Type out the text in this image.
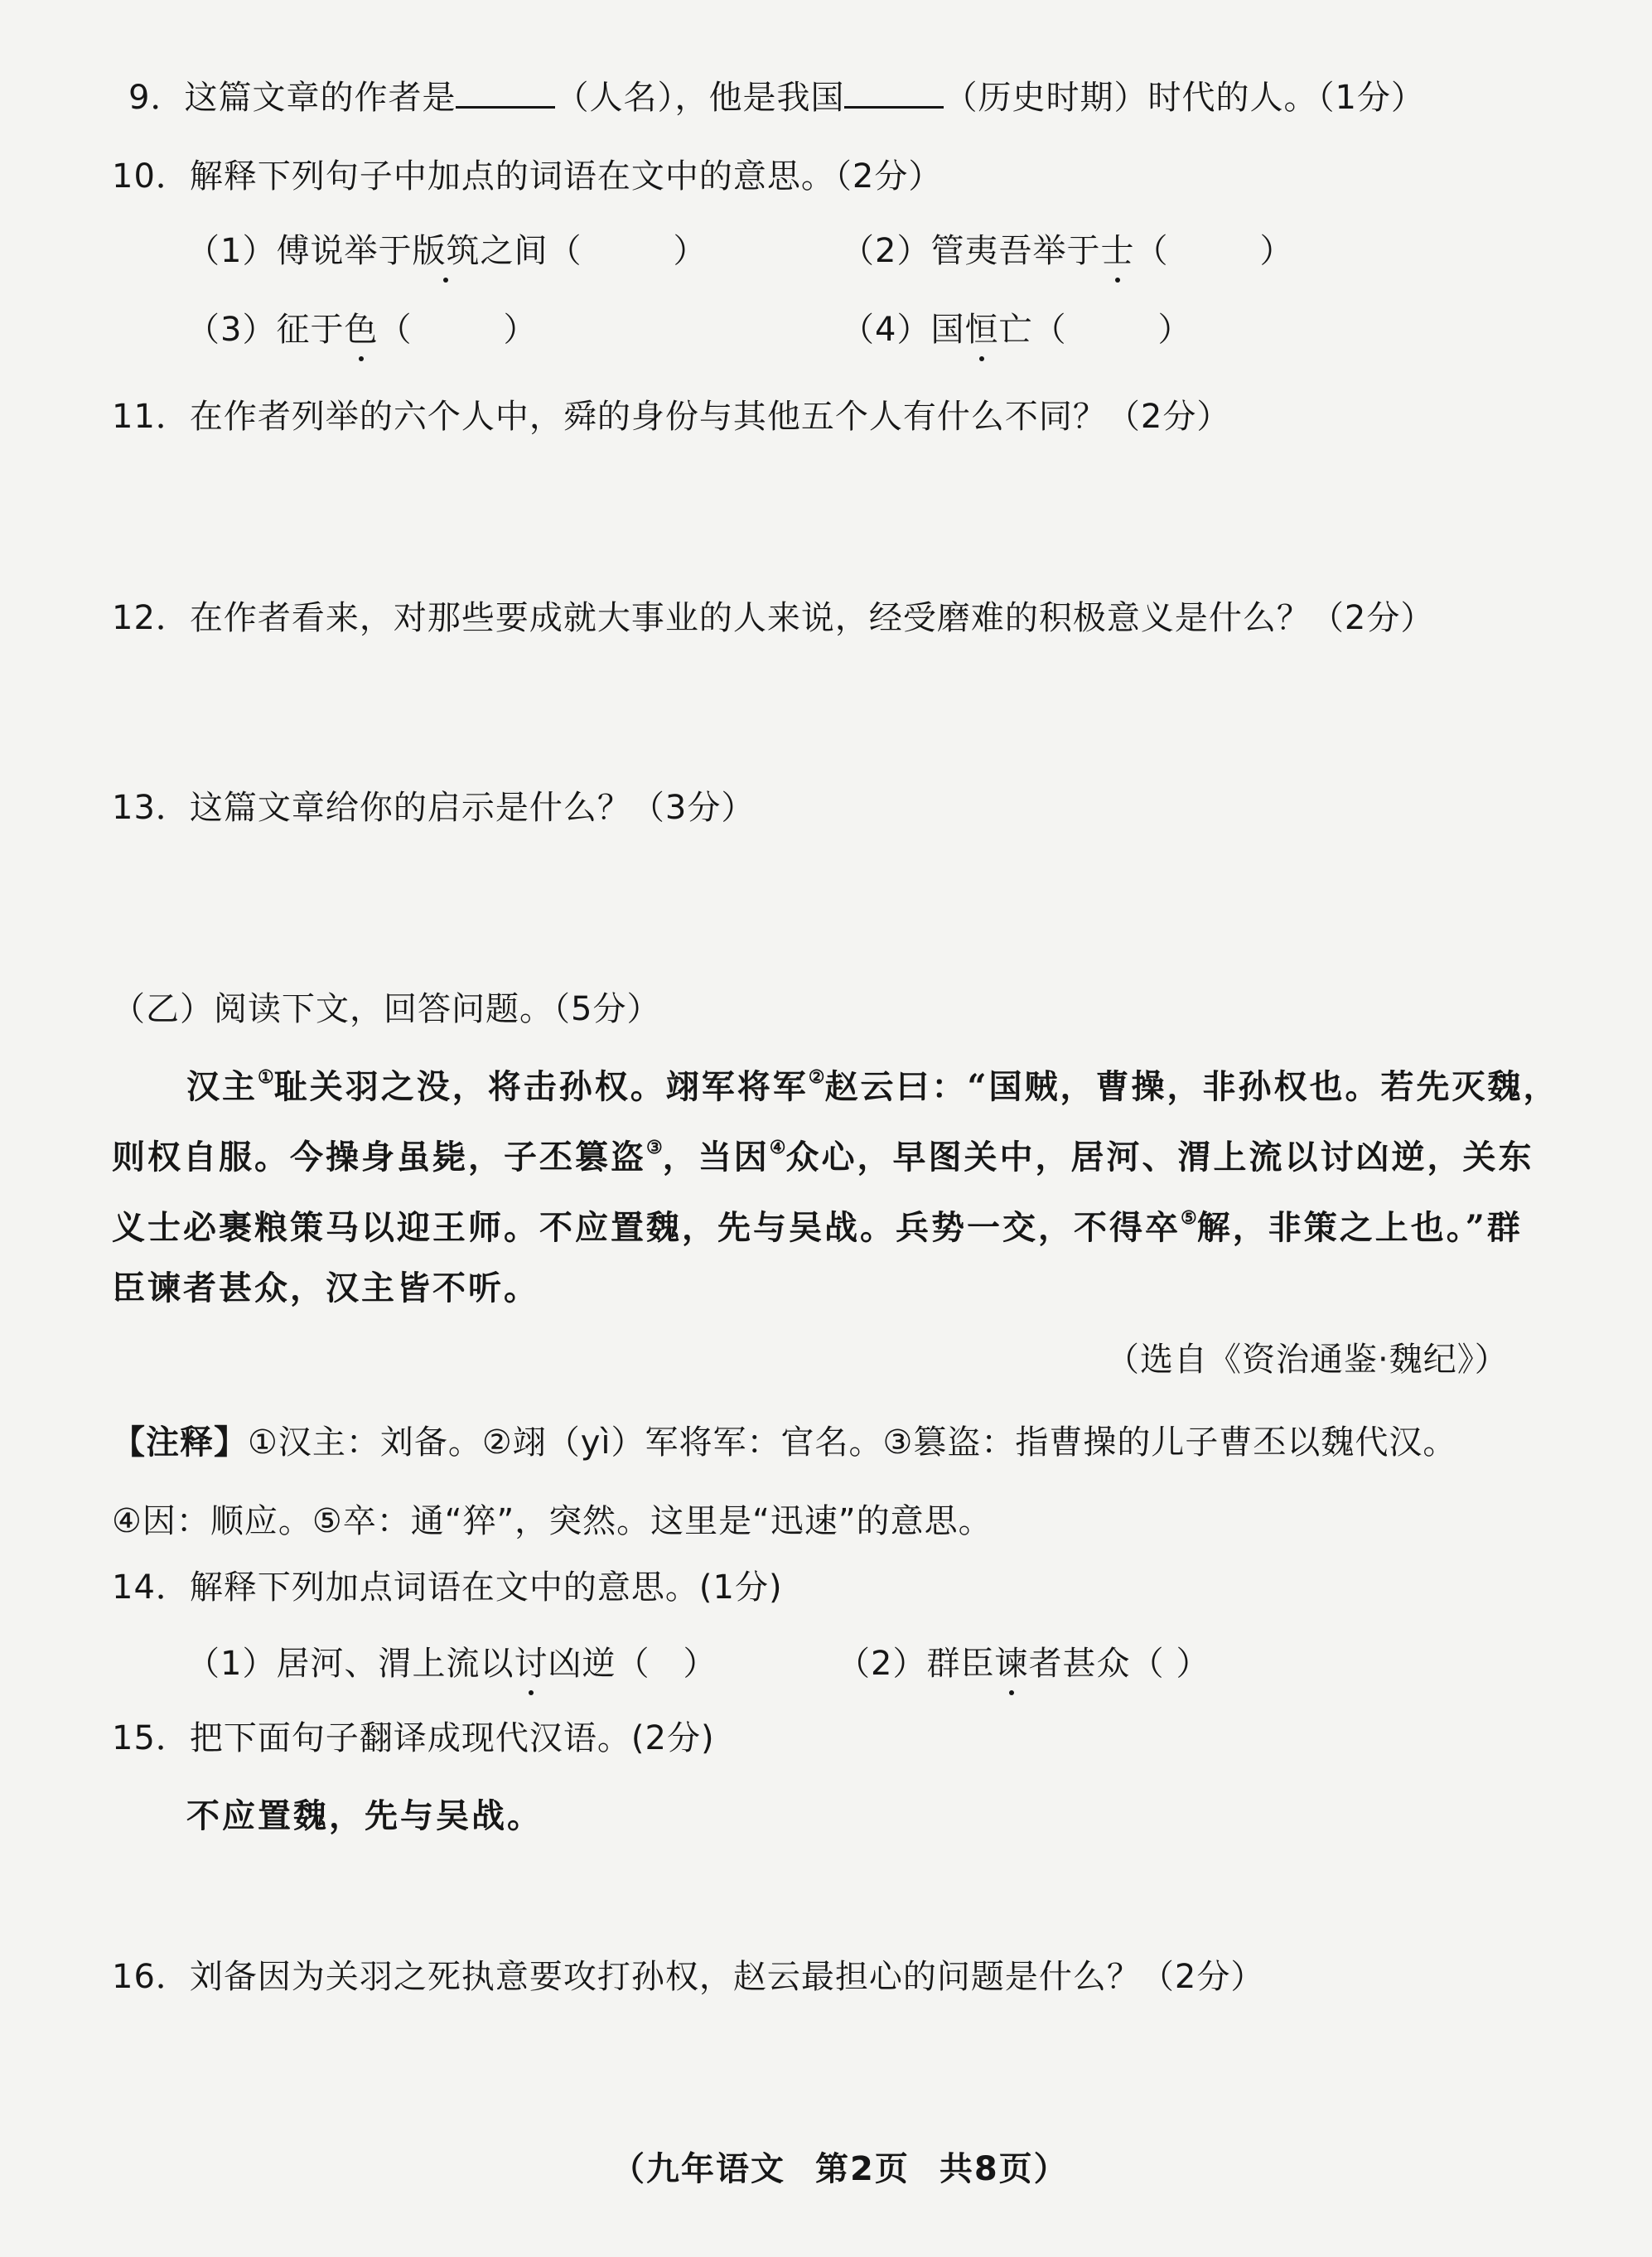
9．这篇文章的作者是	（人名），他是我国	（历史时期）时代的人。（1分）
10．解释下列句子中加点的词语在文中的意思。（2分）
（1）傅说举于版筑之间（	）	（2）管夷吾举于士（	）
（3）征于色（	）	（4）国恒亡（	）
11．在作者列举的六个人中，舜的身份与其他五个人有什么不同？（2分）
12．在作者看来，对那些要成就大事业的人来说，经受磨难的积极意义是什么？（2分）
13．这篇文章给你的启示是什么？（3分）
（乙）阅读下文，回答问题。（5分）
汉主①耻关羽之没，将击孙权。翊军将军②赵云曰：“国贼，曹操，非孙权也。若先灭魏，
则权自服。今操身虽毙，子丕篡盗③，当因④众心，早图关中，居河、渭上流以讨凶逆，关东
义士必裹粮策马以迎王师。不应置魏，先与吴战。兵势一交，不得卒⑤解，非策之上也。”群
臣谏者甚众，汉主皆不听。
（选自《资治通鉴·魏纪》）
【注释】①汉主：刘备。②翊（yì）军将军：官名。③篡盗：指曹操的儿子曹丕以魏代汉。
④因：顺应。⑤卒：通“猝”，突然。这里是“迅速”的意思。
14．解释下列加点词语在文中的意思。(1分)
（1）居河、渭上流以讨凶逆（ ）	（2）群臣谏者甚众（ ）
15．把下面句子翻译成现代汉语。(2分)
不应置魏，先与吴战。
16．刘备因为关羽之死执意要攻打孙权，赵云最担心的问题是什么？（2分）
（九年语文 第2页 共8页）
